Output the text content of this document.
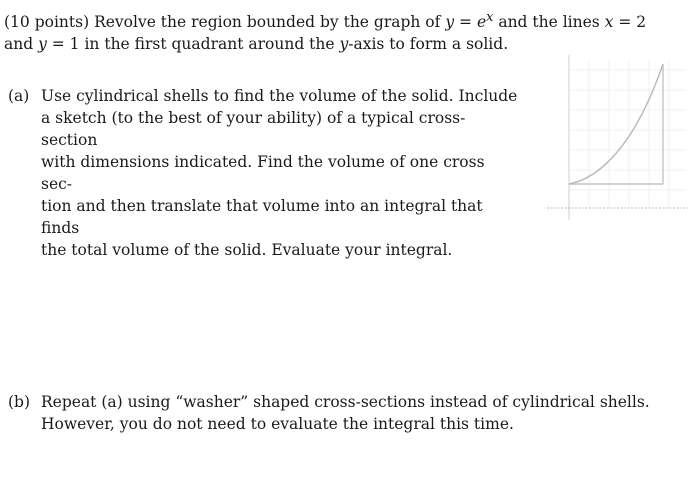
(10 points) Revolve the region bounded by the graph of $y = e^x$ and the lines x = 2
and y = 1 in the first quadrant around the y-axis to form a solid.
(a) Use cylindrical shells to find the volume of the solid. Include
a sketch (to the best of your ability) of a typical cross-section
with dimensions indicated. Find the volume of one cross sec-
tion and then translate that volume into an integral that finds
the total volume of the solid. Evaluate your integral.
(b) Repeat (a) using “washer” shaped cross-sections instead of cylindrical shells.
However, you do not need to evaluate the integral this time.
